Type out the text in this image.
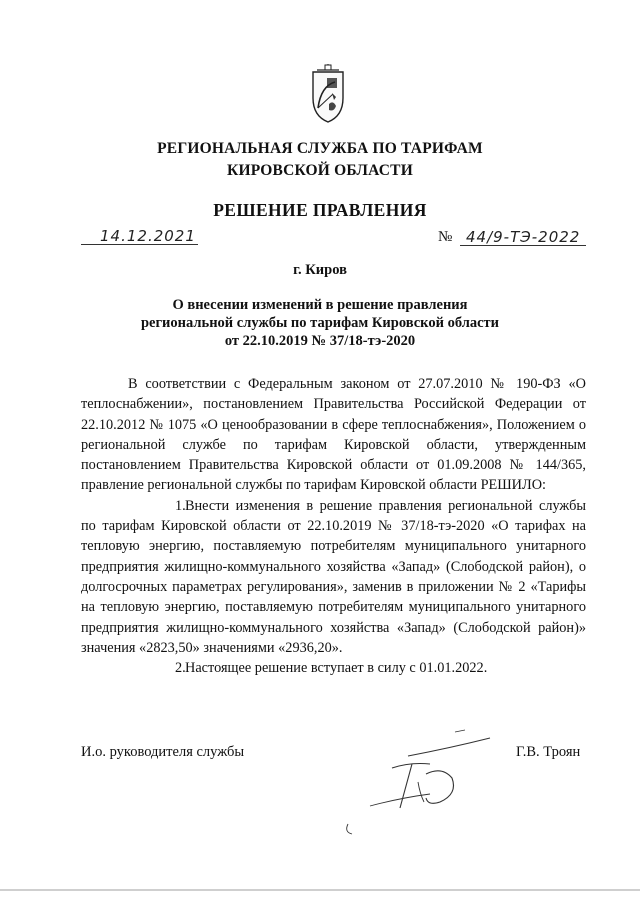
РЕГИОНАЛЬНАЯ СЛУЖБА ПО ТАРИФАМ
КИРОВСКОЙ ОБЛАСТИ
РЕШЕНИЕ ПРАВЛЕНИЯ
14.12.2021	№ 44/9-ТЭ-2022
г. Киров
О внесении изменений в решение правления
региональной службы по тарифам Кировской области
от 22.10.2019 № 37/18-тэ-2020

В соответствии с Федеральным законом от 27.07.2010 № 190-ФЗ «О теплоснабжении», постановлением Правительства Российской Федерации от 22.10.2012 № 1075 «О ценообразовании в сфере теплоснабжения», Положением о региональной службе по тарифам Кировской области, утвержденным постановлением Правительства Кировской области от 01.09.2008 № 144/365, правление региональной службы по тарифам Кировской области РЕШИЛО:

1.Внести изменения в решение правления региональной службы по тарифам Кировской области от 22.10.2019 № 37/18-тэ-2020 «О тарифах на тепловую энергию, поставляемую потребителям муниципального унитарного предприятия жилищно-коммунального хозяйства «Запад» (Слободской район), о долгосрочных параметрах регулирования», заменив в приложении № 2 «Тарифы на тепловую энергию, поставляемую потребителям муниципального унитарного предприятия жилищно-коммунального хозяйства «Запад» (Слободской район)» значения «2823,50» значениями «2936,20».

2.Настоящее решение вступает в силу с 01.01.2022.

И.о. руководителя службы	Г.В. Троян
